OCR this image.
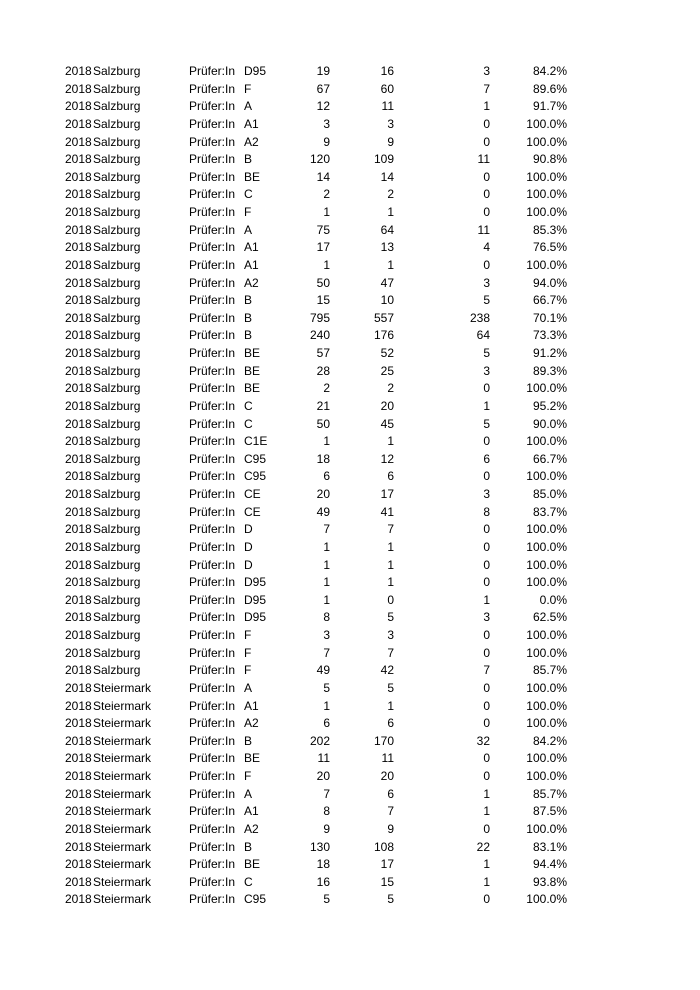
2018 Salzburg	Prüfer:In D95	19	16	3	84.2%
2018 Salzburg	Prüfer:In F	67	60	7	89.6%
2018 Salzburg	Prüfer:In A	12	11	1	91.7%
2018 Salzburg	Prüfer:In A1	3	3	0	100.0%
2018 Salzburg	Prüfer:In A2	9	9	0	100.0%
2018 Salzburg	Prüfer:In B	120	109	11	90.8%
2018 Salzburg	Prüfer:In BE	14	14	0	100.0%
2018 Salzburg	Prüfer:In C	2	2	0	100.0%
2018 Salzburg	Prüfer:In F	1	1	0	100.0%
2018 Salzburg	Prüfer:In A	75	64	11	85.3%
2018 Salzburg	Prüfer:In A1	17	13	4	76.5%
2018 Salzburg	Prüfer:In A1	1	1	0	100.0%
2018 Salzburg	Prüfer:In A2	50	47	3	94.0%
2018 Salzburg	Prüfer:In B	15	10	5	66.7%
2018 Salzburg	Prüfer:In B	795	557	238	70.1%
2018 Salzburg	Prüfer:In B	240	176	64	73.3%
2018 Salzburg	Prüfer:In BE	57	52	5	91.2%
2018 Salzburg	Prüfer:In BE	28	25	3	89.3%
2018 Salzburg	Prüfer:In BE	2	2	0	100.0%
2018 Salzburg	Prüfer:In C	21	20	1	95.2%
2018 Salzburg	Prüfer:In C	50	45	5	90.0%
2018 Salzburg	Prüfer:In C1E	1	1	0	100.0%
2018 Salzburg	Prüfer:In C95	18	12	6	66.7%
2018 Salzburg	Prüfer:In C95	6	6	0	100.0%
2018 Salzburg	Prüfer:In CE	20	17	3	85.0%
2018 Salzburg	Prüfer:In CE	49	41	8	83.7%
2018 Salzburg	Prüfer:In D	7	7	0	100.0%
2018 Salzburg	Prüfer:In D	1	1	0	100.0%
2018 Salzburg	Prüfer:In D	1	1	0	100.0%
2018 Salzburg	Prüfer:In D95	1	1	0	100.0%
2018 Salzburg	Prüfer:In D95	1	0	1	0.0%
2018 Salzburg	Prüfer:In D95	8	5	3	62.5%
2018 Salzburg	Prüfer:In F	3	3	0	100.0%
2018 Salzburg	Prüfer:In F	7	7	0	100.0%
2018 Salzburg	Prüfer:In F	49	42	7	85.7%
2018 Steiermark	Prüfer:In A	5	5	0	100.0%
2018 Steiermark	Prüfer:In A1	1	1	0	100.0%
2018 Steiermark	Prüfer:In A2	6	6	0	100.0%
2018 Steiermark	Prüfer:In B	202	170	32	84.2%
2018 Steiermark	Prüfer:In BE	11	11	0	100.0%
2018 Steiermark	Prüfer:In F	20	20	0	100.0%
2018 Steiermark	Prüfer:In A	7	6	1	85.7%
2018 Steiermark	Prüfer:In A1	8	7	1	87.5%
2018 Steiermark	Prüfer:In A2	9	9	0	100.0%
2018 Steiermark	Prüfer:In B	130	108	22	83.1%
2018 Steiermark	Prüfer:In BE	18	17	1	94.4%
2018 Steiermark	Prüfer:In C	16	15	1	93.8%
2018 Steiermark	Prüfer:In C95	5	5	0	100.0%
